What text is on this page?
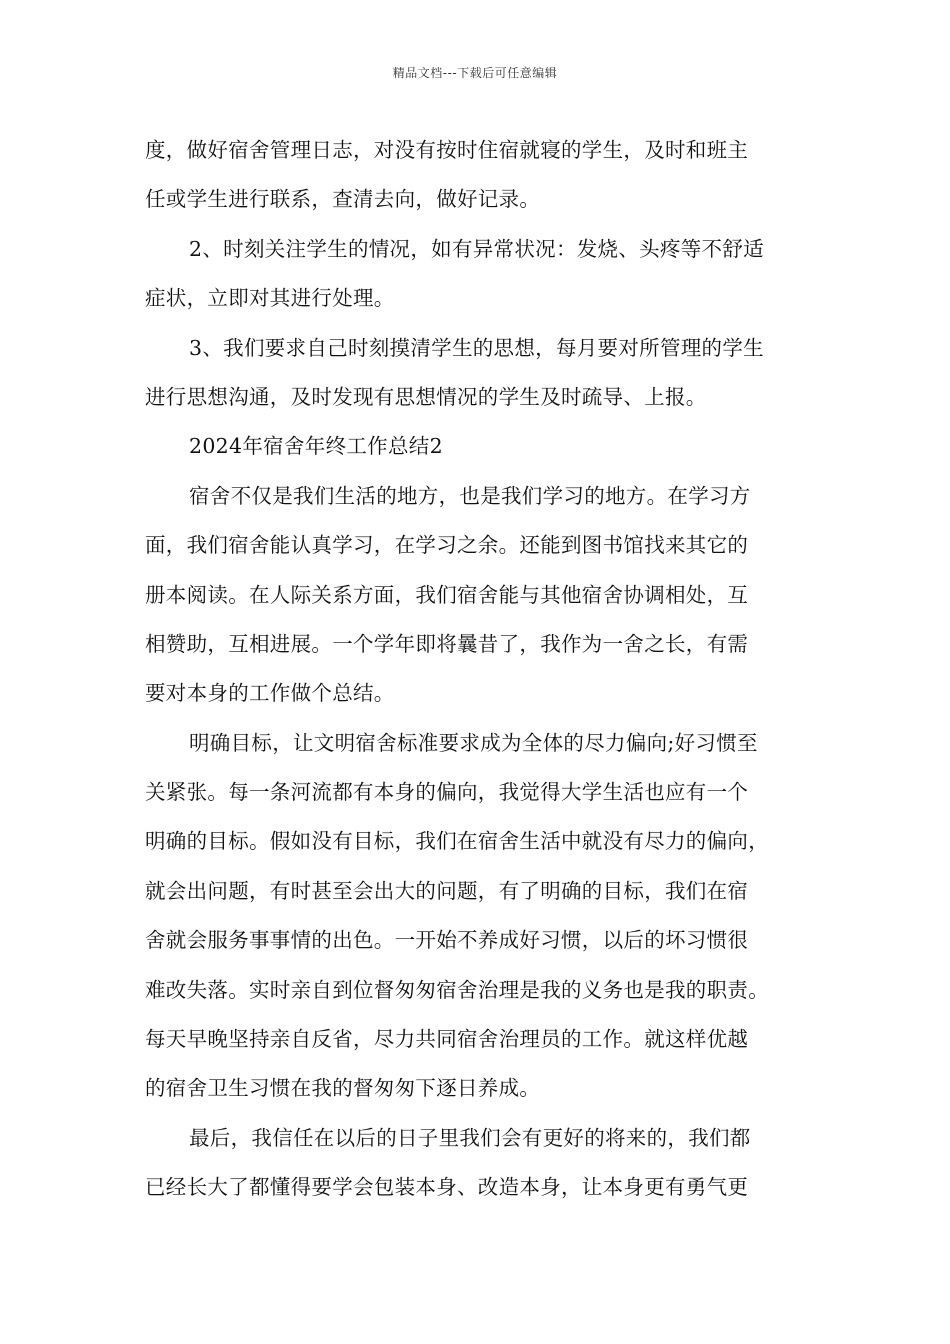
精品文档---下载后可任意编辑
度，做好宿舍管理日志，对没有按时住宿就寝的学生，及时和班主
任或学生进行联系，查清去向，做好记录。
2、时刻关注学生的情况，如有异常状况：发烧、头疼等不舒适
症状，立即对其进行处理。
3、我们要求自己时刻摸清学生的思想，每月要对所管理的学生
进行思想沟通，及时发现有思想情况的学生及时疏导、上报。
2024年宿舍年终工作总结2
宿舍不仅是我们生活的地方，也是我们学习的地方。在学习方
面，我们宿舍能认真学习，在学习之余。还能到图书馆找来其它的
册本阅读。在人际关系方面，我们宿舍能与其他宿舍协调相处，互
相赞助，互相进展。一个学年即将曩昔了，我作为一舍之长，有需
要对本身的工作做个总结。
明确目标，让文明宿舍标准要求成为全体的尽力偏向;好习惯至
关紧张。每一条河流都有本身的偏向，我觉得大学生活也应有一个
明确的目标。假如没有目标，我们在宿舍生活中就没有尽力的偏向，
就会出问题，有时甚至会出大的问题，有了明确的目标，我们在宿
舍就会服务事事情的出色。一开始不养成好习惯，以后的坏习惯很
难改失落。实时亲自到位督匆匆宿舍治理是我的义务也是我的职责。
每天早晚坚持亲自反省，尽力共同宿舍治理员的工作。就这样优越
的宿舍卫生习惯在我的督匆匆下逐日养成。
最后，我信任在以后的日子里我们会有更好的将来的，我们都
已经长大了都懂得要学会包装本身、改造本身，让本身更有勇气更
